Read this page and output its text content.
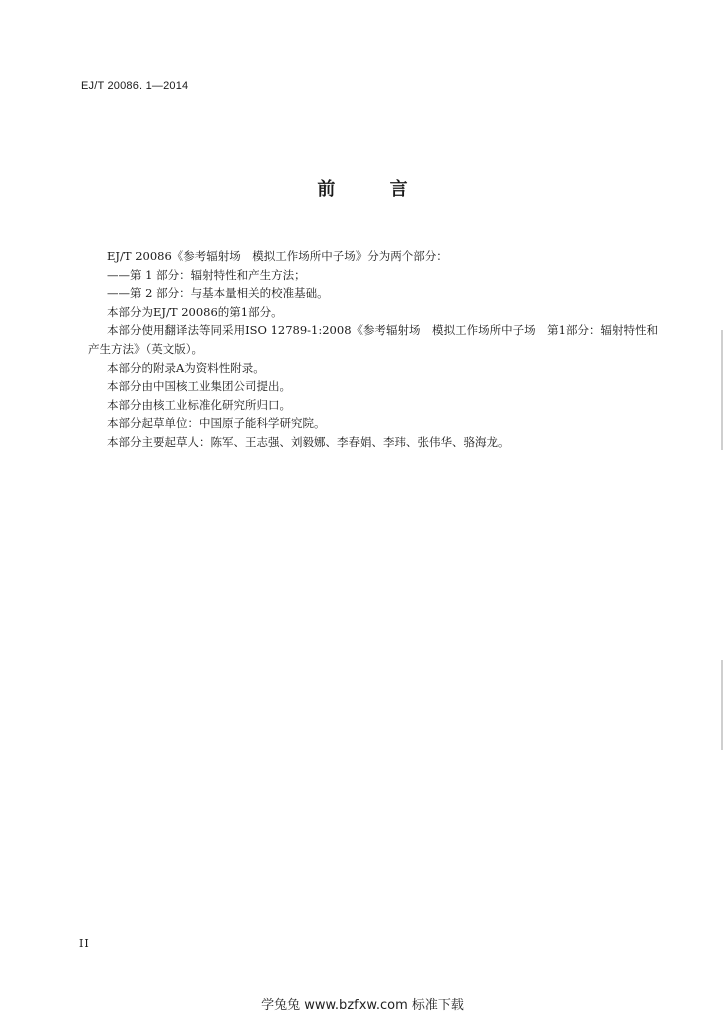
EJ/T 20086. 1—2014
前 言

EJ/T 20086《参考辐射场　模拟工作场所中子场》分为两个部分：

——第 1 部分：辐射特性和产生方法；

——第 2 部分：与基本量相关的校准基础。

本部分为EJ/T 20086的第1部分。

本部分使用翻译法等同采用ISO 12789-1:2008《参考辐射场　模拟工作场所中子场　第1部分：辐射特性和产生方法》（英文版）。

本部分的附录A为资料性附录。

本部分由中国核工业集团公司提出。

本部分由核工业标准化研究所归口。

本部分起草单位：中国原子能科学研究院。

本部分主要起草人：陈军、王志强、刘毅娜、李春娟、李玮、张伟华、骆海龙。

II
学兔兔 www.bzfxw.com 标准下载
